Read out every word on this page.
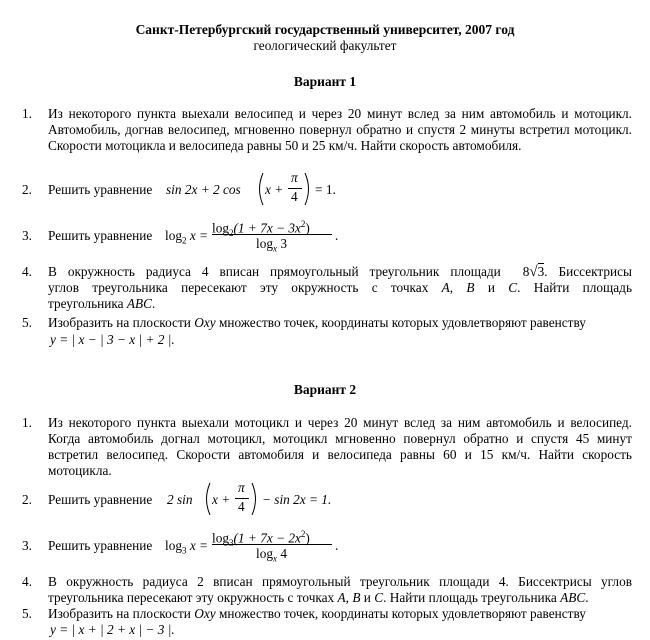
Санкт-Петербургский государственный университет, 2007 год
геологический факультет
Вариант 1
1.	Из некоторого пункта выехали велосипед и через 20 минут вслед за ним автомобиль и мотоцикл. Автомобиль, догнав велосипед, мгновенно повернул обратно и спустя 2 минуты встретил мотоцикл. Скорости мотоцикла и велосипеда равны 50 и 25 км/ч. Найти скорость автомобиля.
2.	Решить уравнение sin 2x + 2 cos x +
π
4 = 1.
3.	Решить уравнение $\log_2 x$ =
$\log_2(1 + 7x - 3x^2)$
$\log_x 3$
.
4.	В окружность радиуса 4 вписан прямоугольный треугольник площади 8√3. Биссектрисы
углов треугольника пересекают эту окружность с точках A, B и C. Найти площадь
треугольника ABC.
5.	Изобразить на плоскости Oxy множество точек, координаты которых удовлетворяют равенству
y = | x − | 3 − x | + 2 |.
Вариант 2
1.	Из некоторого пункта выехали мотоцикл и через 20 минут вслед за ним автомобиль и велосипед. Когда автомобиль догнал мотоцикл, мотоцикл мгновенно повернул обратно и спустя 45 минут встретил велосипед. Скорости автомобиля и велосипеда равны 60 и 15 км/ч. Найти скорость мотоцикла.
2.	Решить уравнение 2 sin x +
π
4 − sin 2x = 1.
3.	Решить уравнение $\log_3 x$ =
$\log_3(1 + 7x - 2x^2)$
$\log_x 4$
.
4.	В окружность радиуса 2 вписан прямоугольный треугольник площади 4. Биссектрисы углов треугольника пересекают эту окружность с точках A, B и C. Найти площадь треугольника ABC.
5.	Изобразить на плоскости Oxy множество точек, координаты которых удовлетворяют равенству
y = | x + | 2 + x | − 3 |.
